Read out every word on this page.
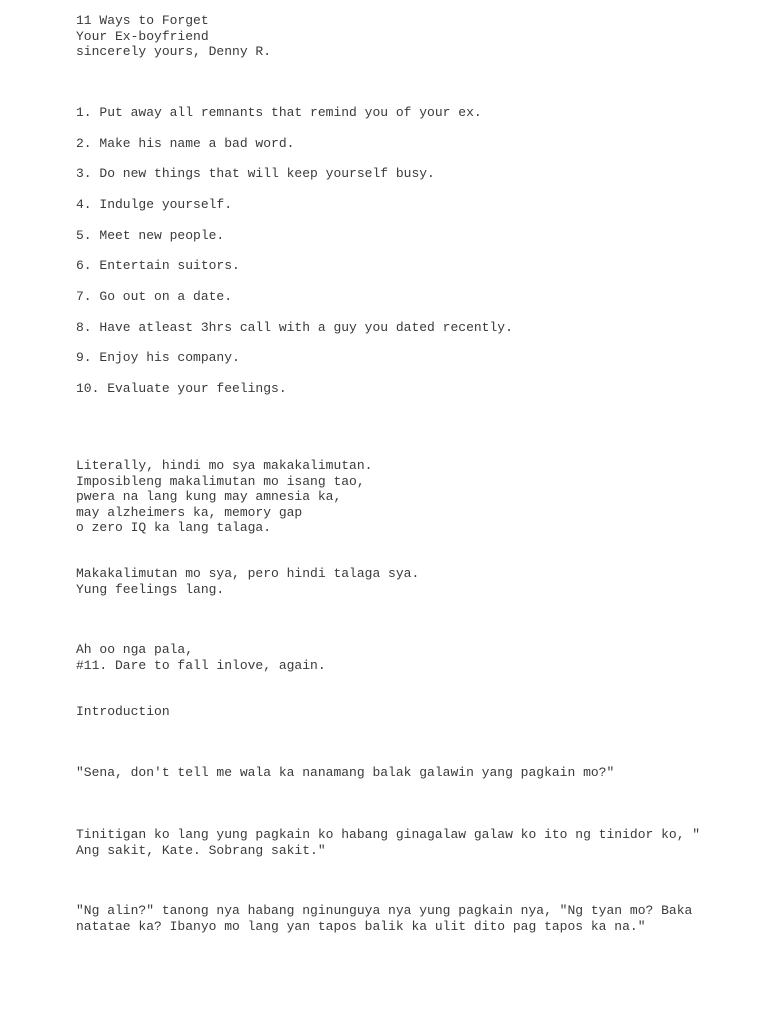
11 Ways to Forget

Your Ex-boyfriend

sincerely yours, Denny R.

1. Put away all remnants that remind you of your ex.

2. Make his name a bad word.

3. Do new things that will keep yourself busy.

4. Indulge yourself.

5. Meet new people.

6. Entertain suitors.

7. Go out on a date.

8. Have atleast 3hrs call with a guy you dated recently.

9. Enjoy his company.

10. Evaluate your feelings.

Literally, hindi mo sya makakalimutan.

Imposibleng makalimutan mo isang tao,

pwera na lang kung may amnesia ka,

may alzheimers ka, memory gap

o zero IQ ka lang talaga.

Makakalimutan mo sya, pero hindi talaga sya.

Yung feelings lang.

Ah oo nga pala,

#11. Dare to fall inlove, again.

Introduction

"Sena, don't tell me wala ka nanamang balak galawin yang pagkain mo?"

Tinitigan ko lang yung pagkain ko habang ginagalaw galaw ko ito ng tinidor ko, "

Ang sakit, Kate. Sobrang sakit."

"Ng alin?" tanong nya habang nginunguya nya yung pagkain nya, "Ng tyan mo? Baka

natatae ka? Ibanyo mo lang yan tapos balik ka ulit dito pag tapos ka na."
